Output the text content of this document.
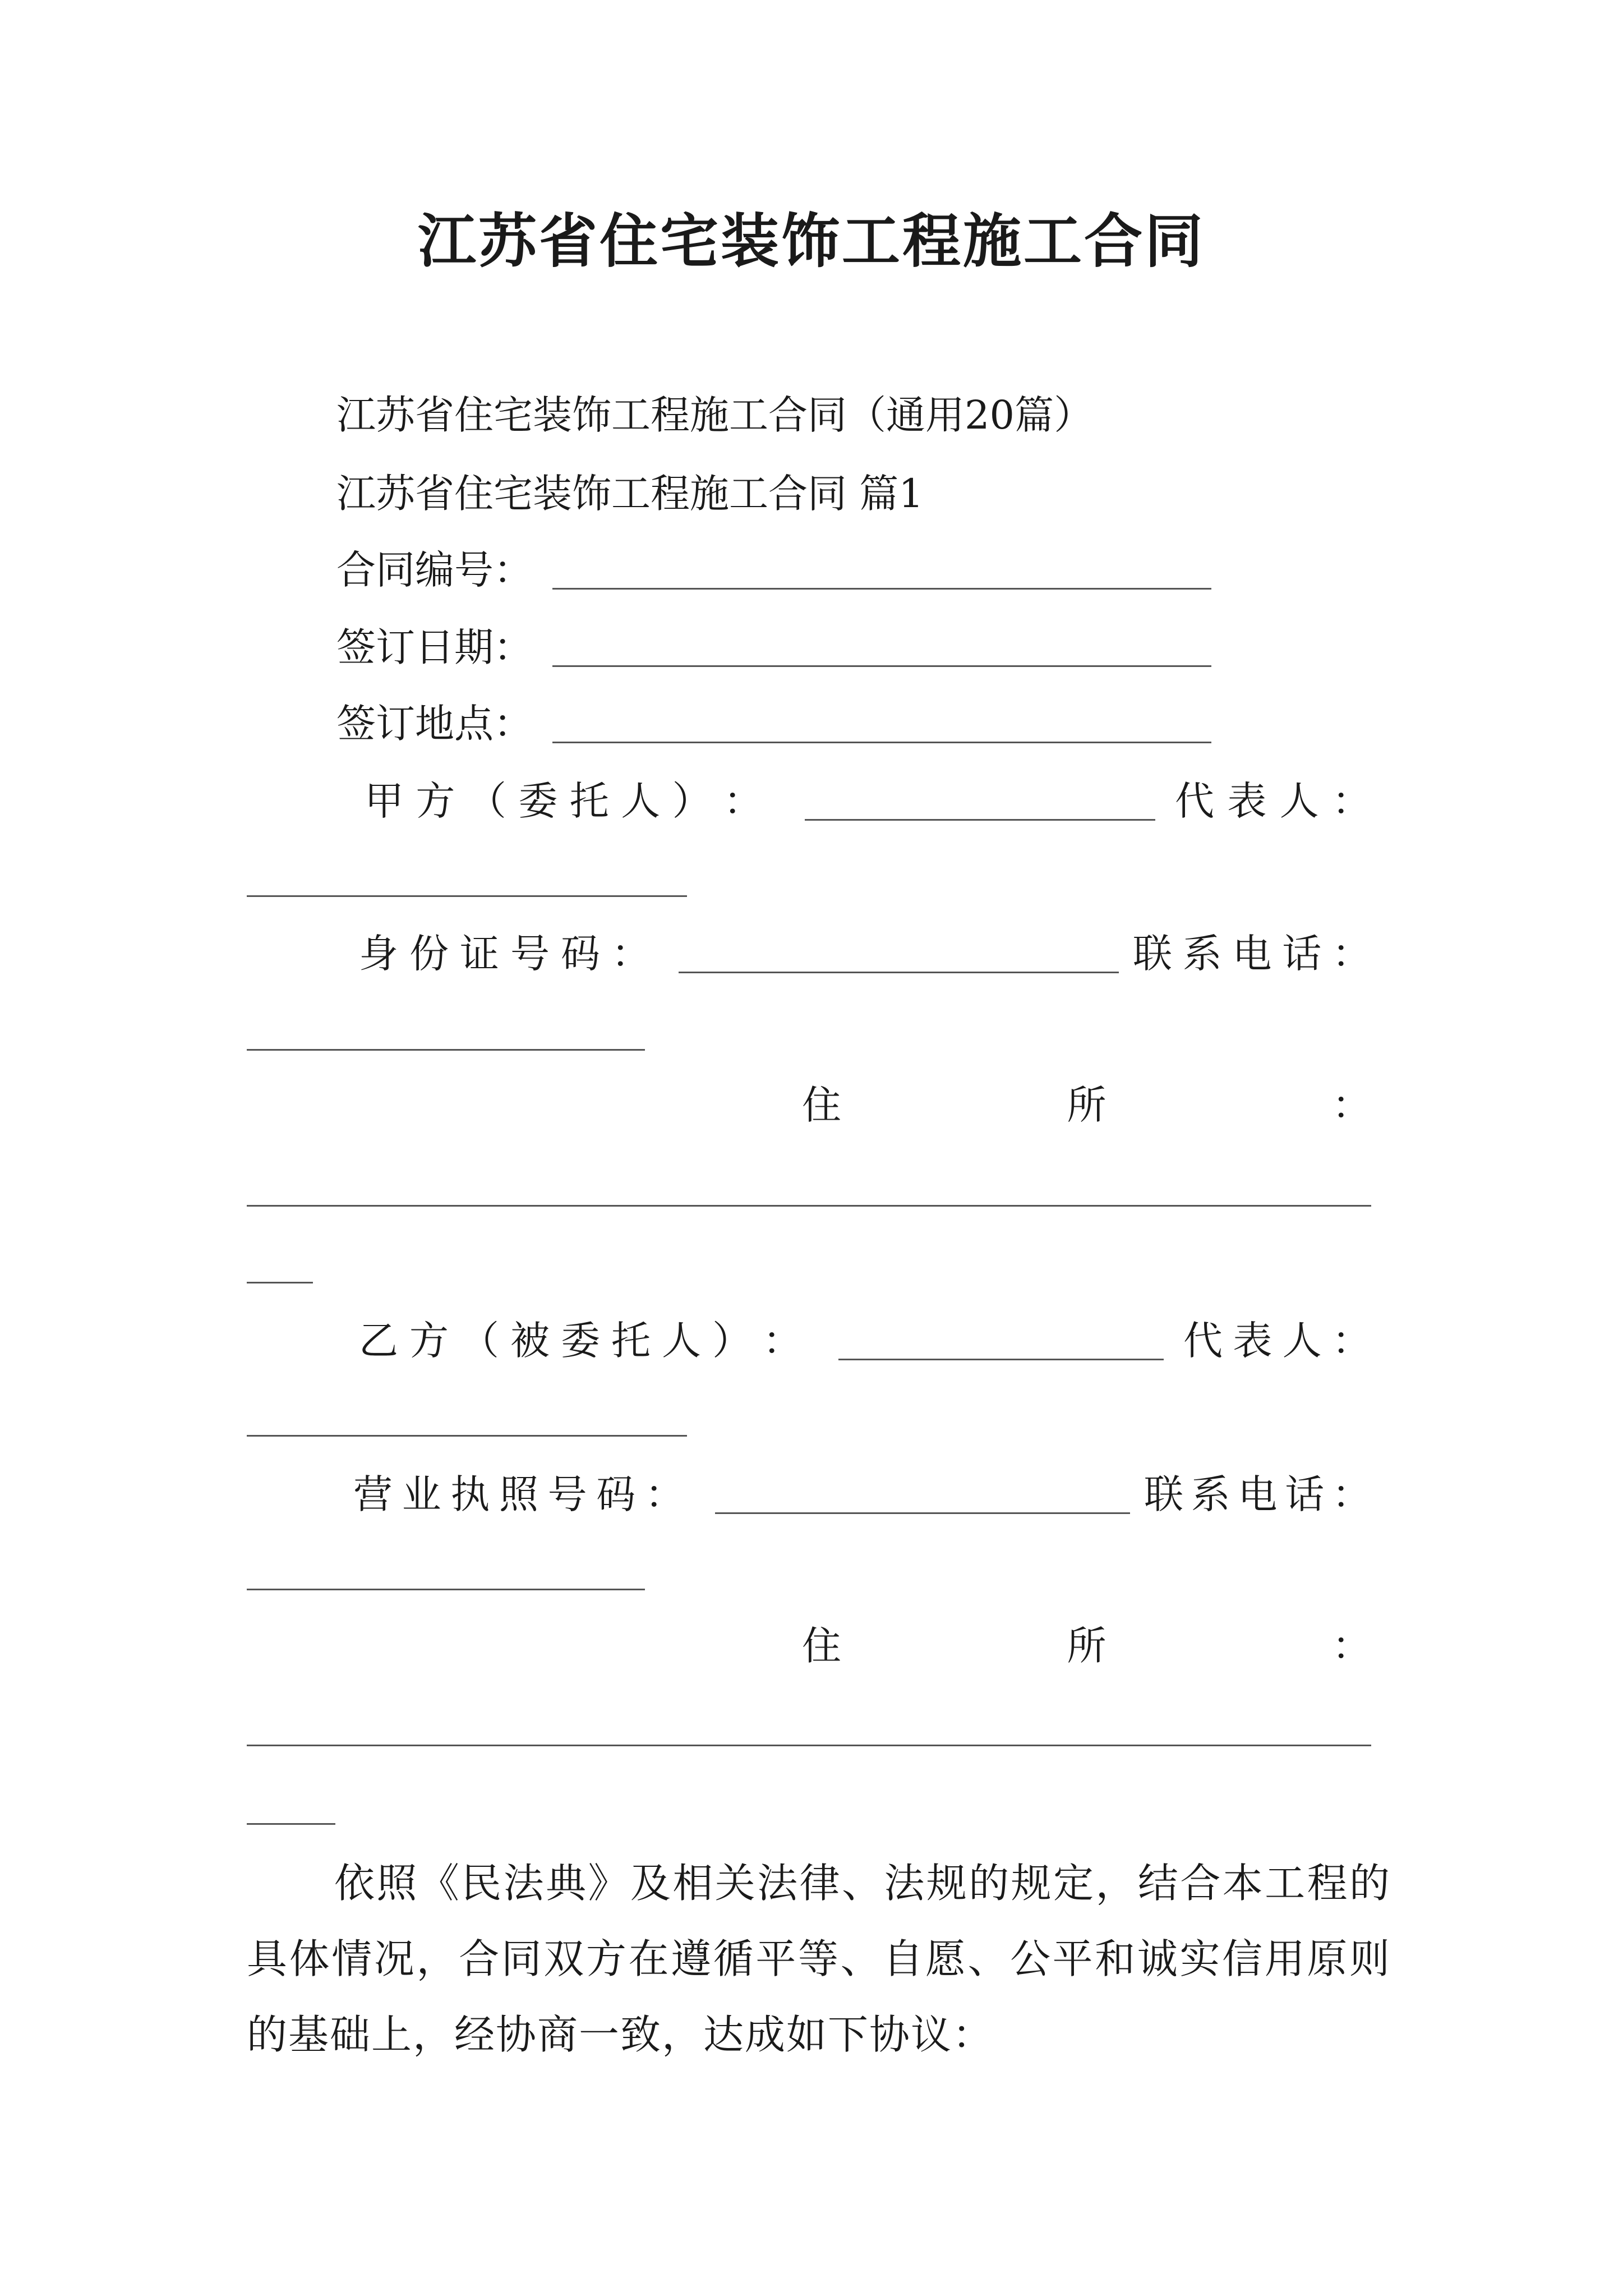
江苏省住宅装饰工程施工合同
江苏省住宅装饰工程施工合同（通用20篇）
江苏省住宅装饰工程施工合同 篇1
合同编号：
签订日期：
签订地点：
甲 方 （ 委 托 人 ） ：	代 表 人 ：
身 份 证 号 码 ：	联 系 电 话 ：
住	所	：
乙 方 （ 被 委 托 人 ） ：	代 表 人 ：
营 业 执 照 号 码 ：	联 系 电 话 ：
住	所	：
依照《民法典》及相关法律、法规的规定，结合本工程的具体情况，合同双方在遵循平等、自愿、公平和诚实信用原则的基础上，经协商一致，达成如下协议：
